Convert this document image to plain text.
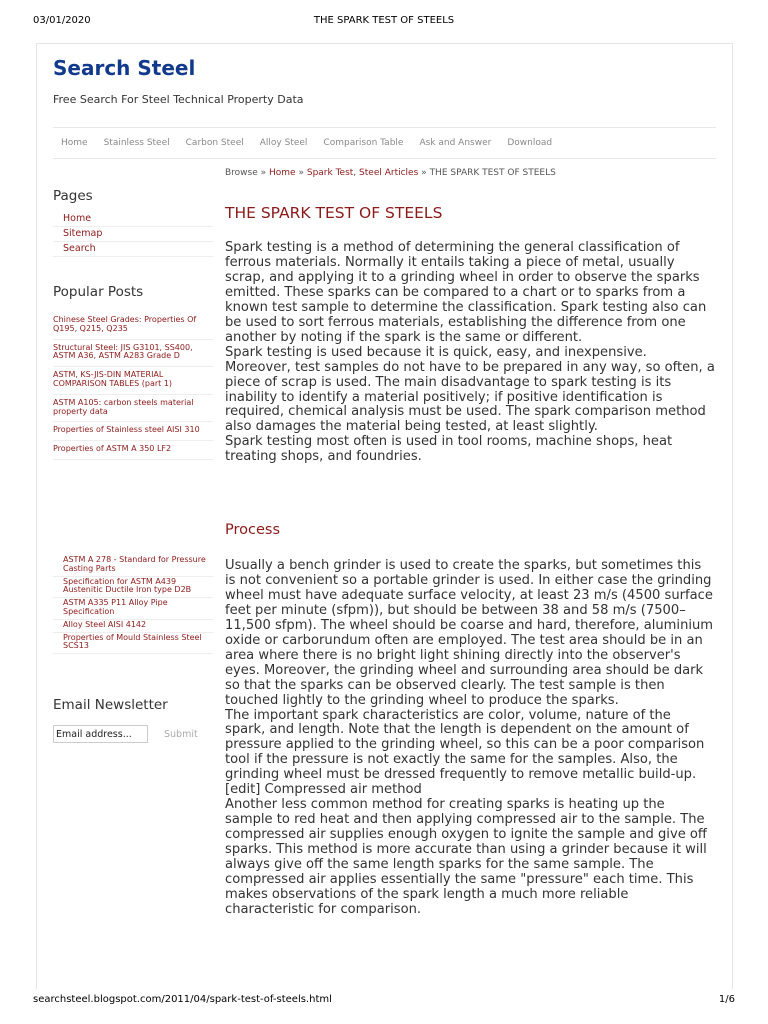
03/01/2020	THE SPARK TEST OF STEELS
Search Steel
Free Search For Steel Technical Property Data
Home	Stainless Steel	Carbon Steel	Alloy Steel	Comparison Table	Ask and Answer	Download
Pages
Home
Sitemap
Search
Popular Posts
Chinese Steel Grades: Properties Of Q195, Q215, Q235
Structural Steel: JIS G3101, SS400, ASTM A36, ASTM A283 Grade D
ASTM, KS-JIS-DIN MATERIAL COMPARISON TABLES (part 1)
ASTM A105: carbon steels material property data
Properties of Stainless steel AISI 310
Properties of ASTM A 350 LF2
ASTM A 278 - Standard for Pressure Casting Parts
Specification for ASTM A439 Austenitic Ductile Iron type D2B
ASTM A335 P11 Alloy Pipe Specification
Alloy Steel AISI 4142
Properties of Mould Stainless Steel SCS13
Email Newsletter
Email address...	Submit
Browse » Home » Spark Test, Steel Articles » THE SPARK TEST OF STEELS
THE SPARK TEST OF STEELS

Spark testing is a method of determining the general classification of ferrous materials. Normally it entails taking a piece of metal, usually scrap, and applying it to a grinding wheel in order to observe the sparks emitted. These sparks can be compared to a chart or to sparks from a known test sample to determine the classification. Spark testing also can be used to sort ferrous materials, establishing the difference from one another by noting if the spark is the same or different.

Spark testing is used because it is quick, easy, and inexpensive. Moreover, test samples do not have to be prepared in any way, so often, a piece of scrap is used. The main disadvantage to spark testing is its inability to identify a material positively; if positive identification is required, chemical analysis must be used. The spark comparison method also damages the material being tested, at least slightly.

Spark testing most often is used in tool rooms, machine shops, heat treating shops, and foundries.

Process

Usually a bench grinder is used to create the sparks, but sometimes this is not convenient so a portable grinder is used. In either case the grinding wheel must have adequate surface velocity, at least 23 m/s (4500 surface feet per minute (sfpm)), but should be between 38 and 58 m/s (7500–11,500 sfpm). The wheel should be coarse and hard, therefore, aluminium oxide or carborundum often are employed. The test area should be in an area where there is no bright light shining directly into the observer's eyes. Moreover, the grinding wheel and surrounding area should be dark so that the sparks can be observed clearly. The test sample is then touched lightly to the grinding wheel to produce the sparks.

The important spark characteristics are color, volume, nature of the spark, and length. Note that the length is dependent on the amount of pressure applied to the grinding wheel, so this can be a poor comparison tool if the pressure is not exactly the same for the samples. Also, the grinding wheel must be dressed frequently to remove metallic build-up.

[edit] Compressed air method

Another less common method for creating sparks is heating up the sample to red heat and then applying compressed air to the sample. The compressed air supplies enough oxygen to ignite the sample and give off sparks. This method is more accurate than using a grinder because it will always give off the same length sparks for the same sample. The compressed air applies essentially the same "pressure" each time. This makes observations of the spark length a much more reliable characteristic for comparison.

searchsteel.blogspot.com/2011/04/spark-test-of-steels.html	1/6
